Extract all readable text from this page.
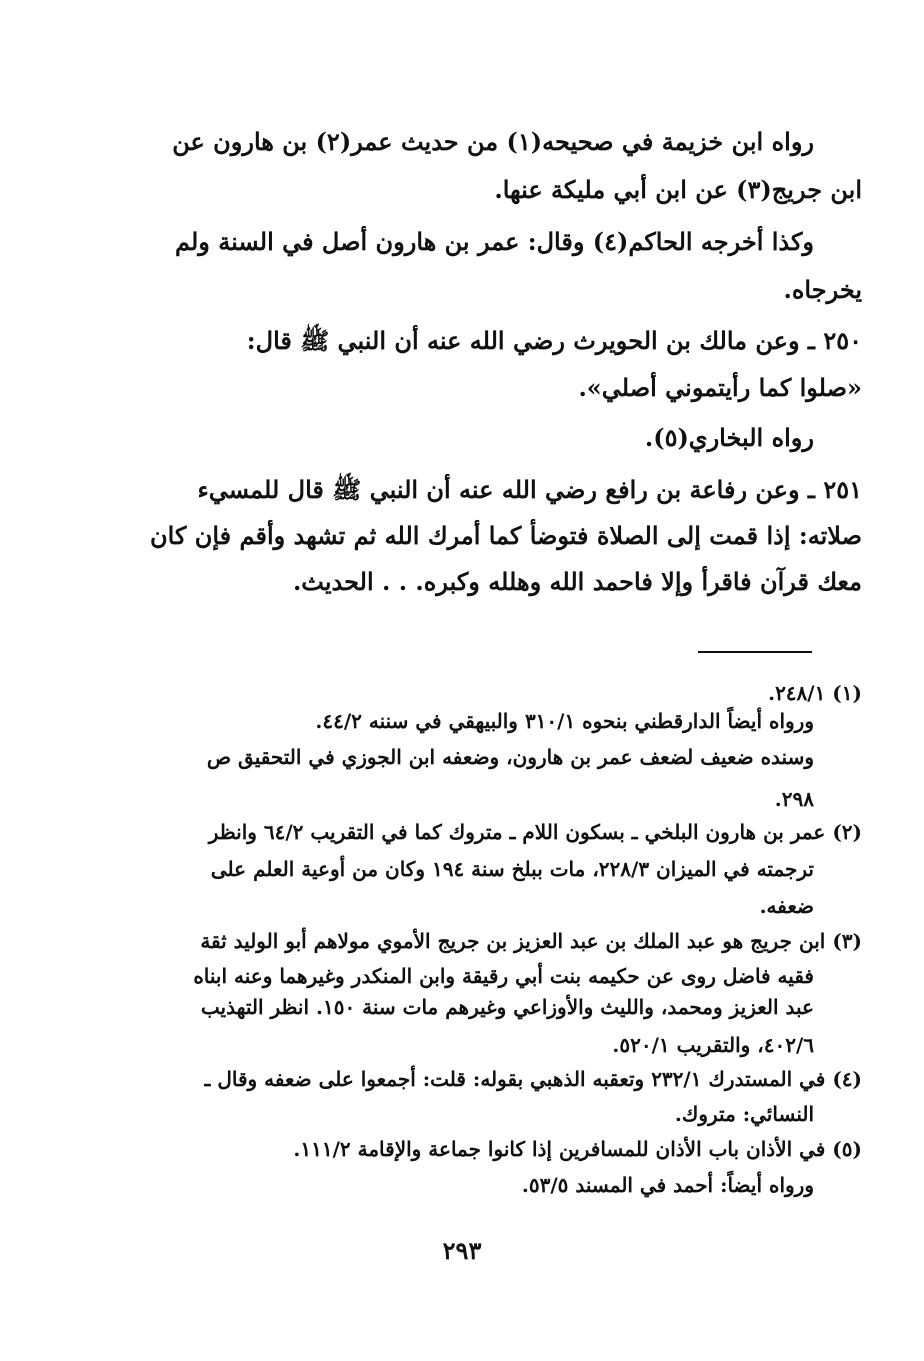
رواه ابن خزيمة في صحيحه(١) من حديث عمر(٢) بن هارون عن
ابن جريج(٣) عن ابن أبي مليكة عنها.
وكذا أخرجه الحاكم(٤) وقال: عمر بن هارون أصل في السنة ولم
يخرجاه.
٢٥٠ ـ وعن مالك بن الحويرث رضي الله عنه أن النبي ﷺ قال:
«صلوا كما رأيتموني أصلي».
رواه البخاري(٥).
٢٥١ ـ وعن رفاعة بن رافع رضي الله عنه أن النبي ﷺ قال للمسيء
صلاته: إذا قمت إلى الصلاة فتوضأ كما أمرك الله ثم تشهد وأقم فإن كان
معك قرآن فاقرأ وإلا فاحمد الله وهلله وكبره. . . الحديث.
(١) ٢٤٨/١.
ورواه أيضاً الدارقطني بنحوه ٣١٠/١ والبيهقي في سننه ٤٤/٢.
وسنده ضعيف لضعف عمر بن هارون، وضعفه ابن الجوزي في التحقيق ص
٢٩٨.
(٢) عمر بن هارون البلخي ـ بسكون اللام ـ متروك كما في التقريب ٦٤/٢ وانظر
ترجمته في الميزان ٢٢٨/٣، مات ببلخ سنة ١٩٤ وكان من أوعية العلم على
ضعفه.
(٣) ابن جريج هو عبد الملك بن عبد العزيز بن جريج الأموي مولاهم أبو الوليد ثقة
فقيه فاضل روى عن حكيمه بنت أبي رقيقة وابن المنكدر وغيرهما وعنه ابناه
عبد العزيز ومحمد، والليث والأوزاعي وغيرهم مات سنة ١٥٠. انظر التهذيب
٤٠٢/٦، والتقريب ٥٢٠/١.
(٤) في المستدرك ٢٣٢/١ وتعقبه الذهبي بقوله: قلت: أجمعوا على ضعفه وقال ـ
النسائي: متروك.
(٥) في الأذان باب الأذان للمسافرين إذا كانوا جماعة والإقامة ١١١/٢.
ورواه أيضاً: أحمد في المسند ٥٣/٥.
٢٩٣
